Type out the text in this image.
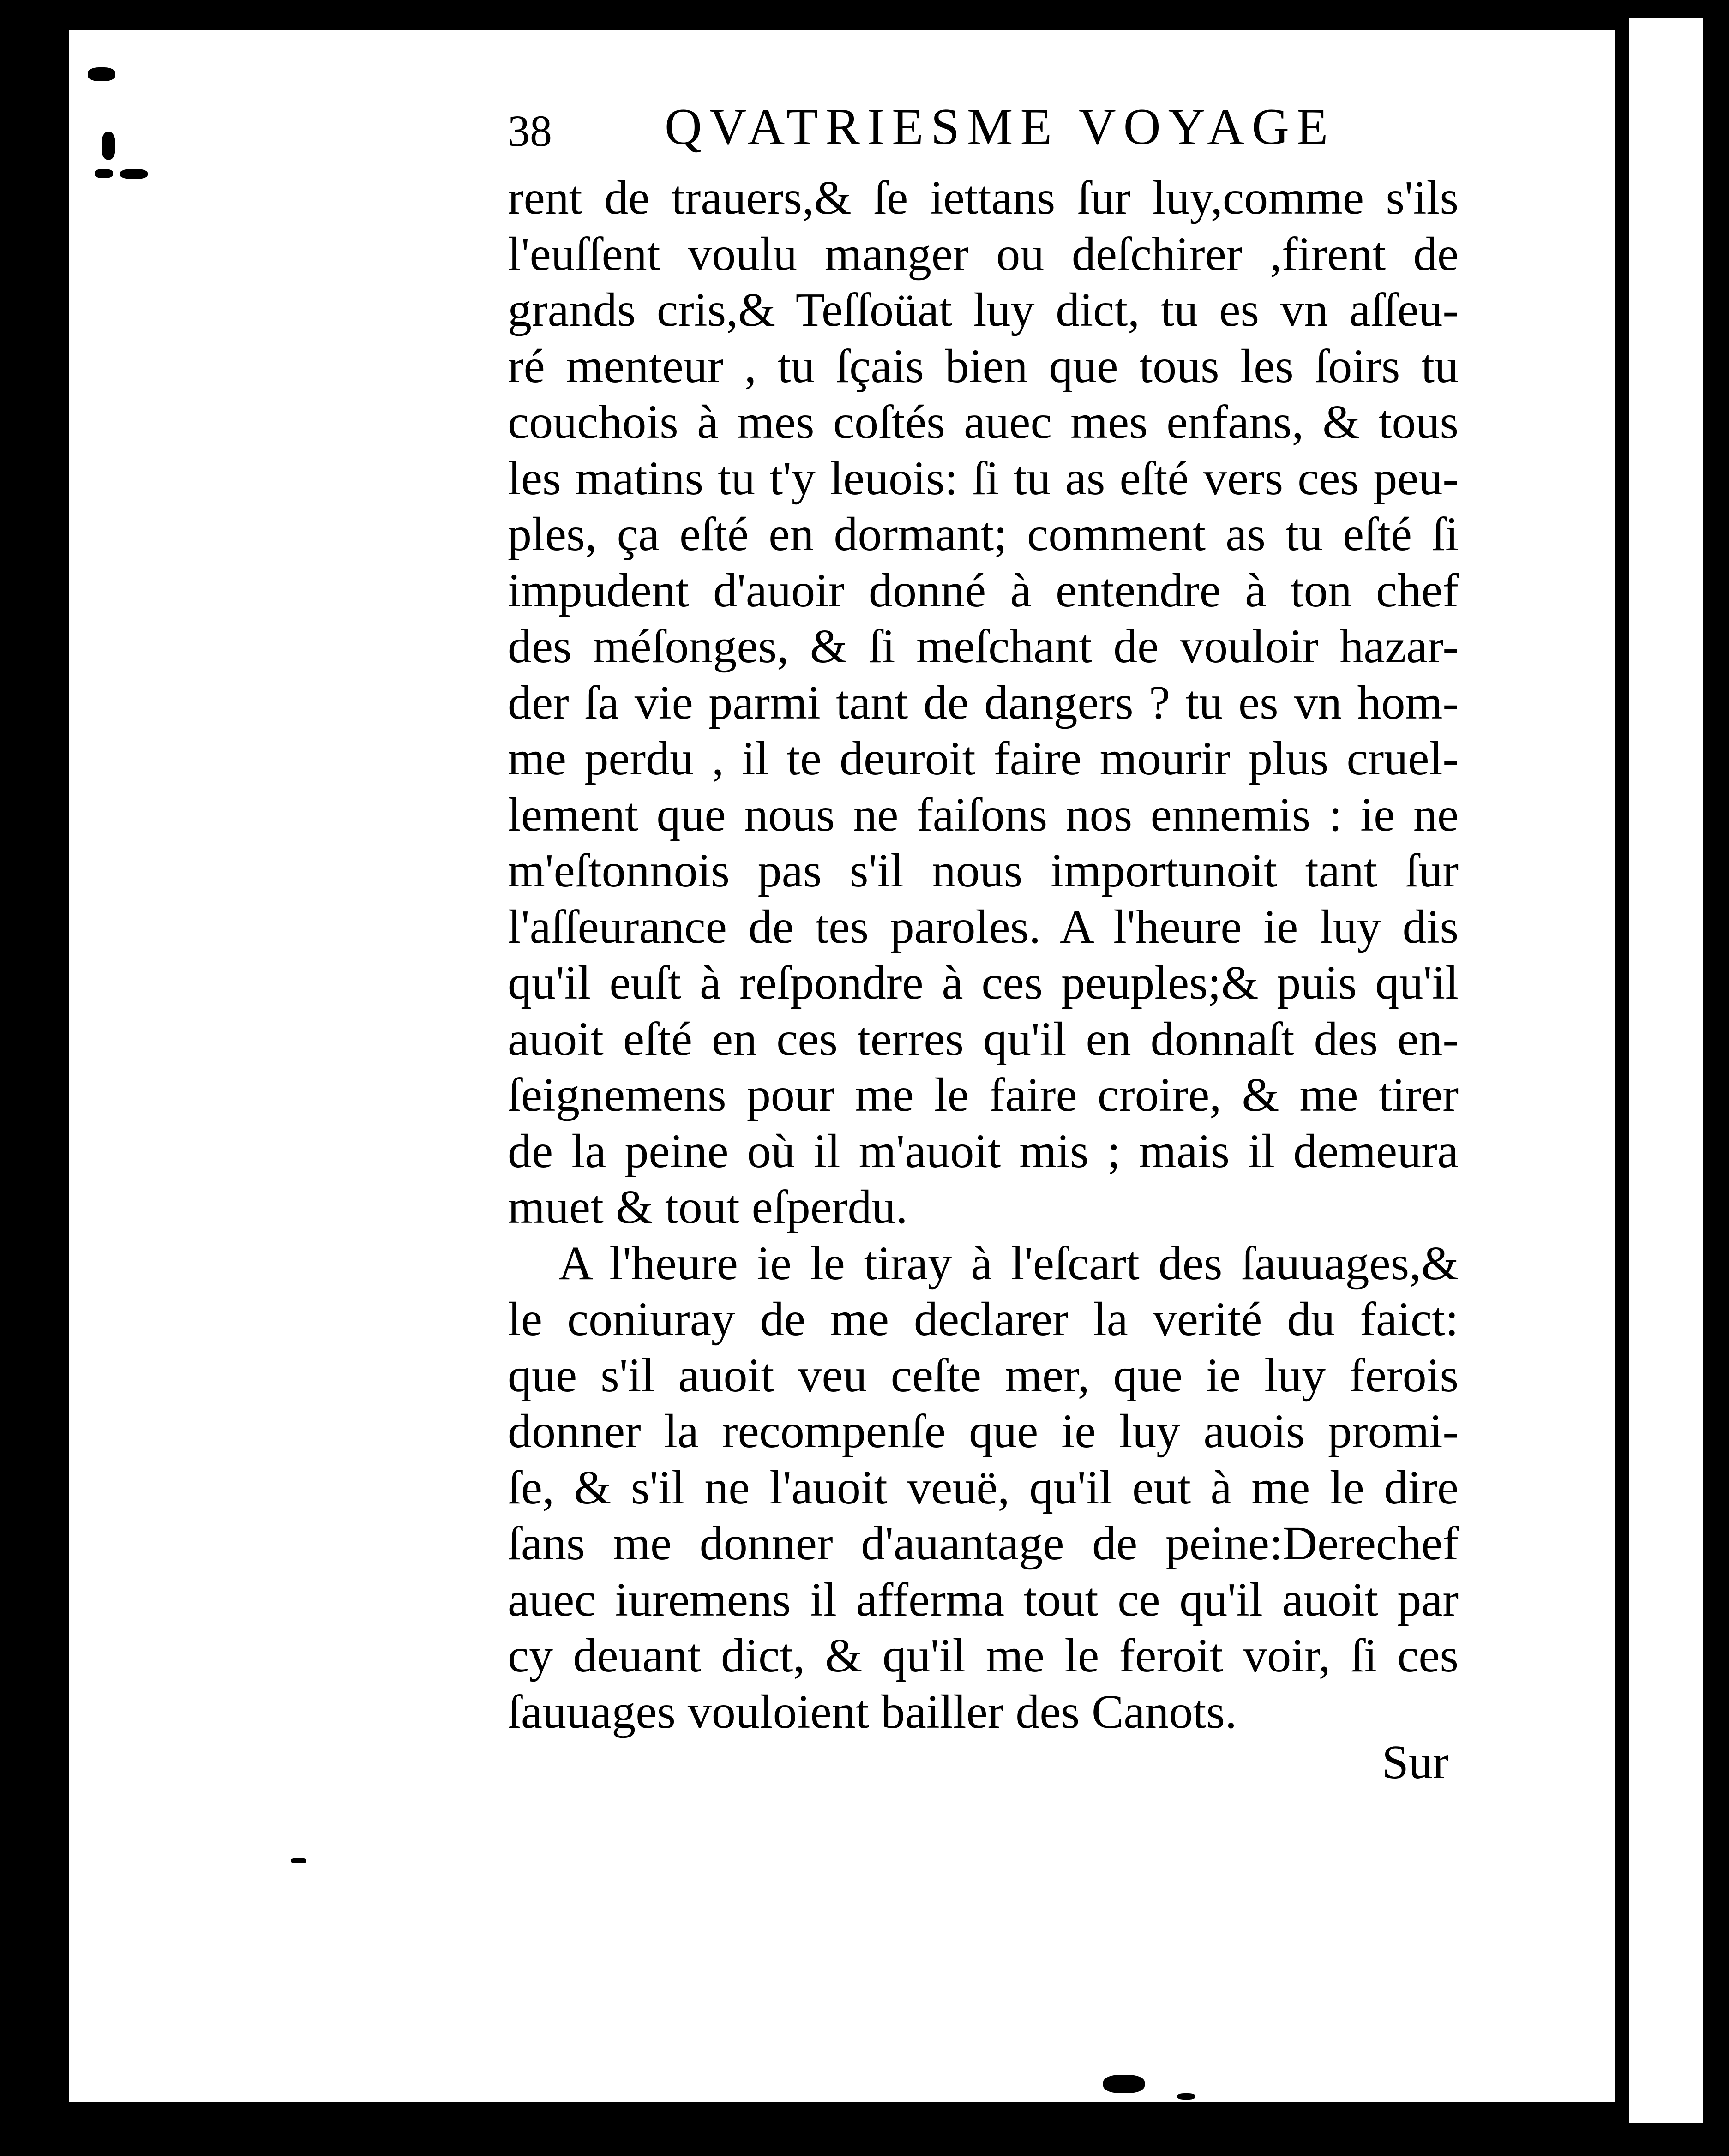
38 QVATRIESME VOYAGE
rent de trauers,& ſe iettans ſur luy,comme s'ils
l'euſſent voulu manger ou deſchirer ,firent de
grands cris,& Teſſoüat luy dict, tu es vn aſſeu-
ré menteur , tu ſçais bien que tous les ſoirs tu
couchois à mes coſtés auec mes enfans, & tous
les matins tu t'y leuois: ſi tu as eſté vers ces peu-
ples, ça eſté en dormant; comment as tu eſté ſi
impudent d'auoir donné à entendre à ton chef
des méſonges, & ſi meſchant de vouloir hazar-
der ſa vie parmi tant de dangers ? tu es vn hom-
me perdu , il te deuroit faire mourir plus cruel-
lement que nous ne faiſons nos ennemis : ie ne
m'eſtonnois pas s'il nous importunoit tant ſur
l'aſſeurance de tes paroles. A l'heure ie luy dis
qu'il euſt à reſpondre à ces peuples;& puis qu'il
auoit eſté en ces terres qu'il en donnaſt des en-
ſeignemens pour me le faire croire, & me tirer
de la peine où il m'auoit mis ; mais il demeura
muet & tout eſperdu.
A l'heure ie le tiray à l'eſcart des ſauuages,&
le coniuray de me declarer la verité du faict:
que s'il auoit veu ceſte mer, que ie luy ferois
donner la recompenſe que ie luy auois promi-
ſe, & s'il ne l'auoit veuë, qu'il eut à me le dire
ſans me donner d'auantage de peine:Derechef
auec iuremens il afferma tout ce qu'il auoit par
cy deuant dict, & qu'il me le feroit voir, ſi ces
ſauuages vouloient bailler des Canots.
Sur
